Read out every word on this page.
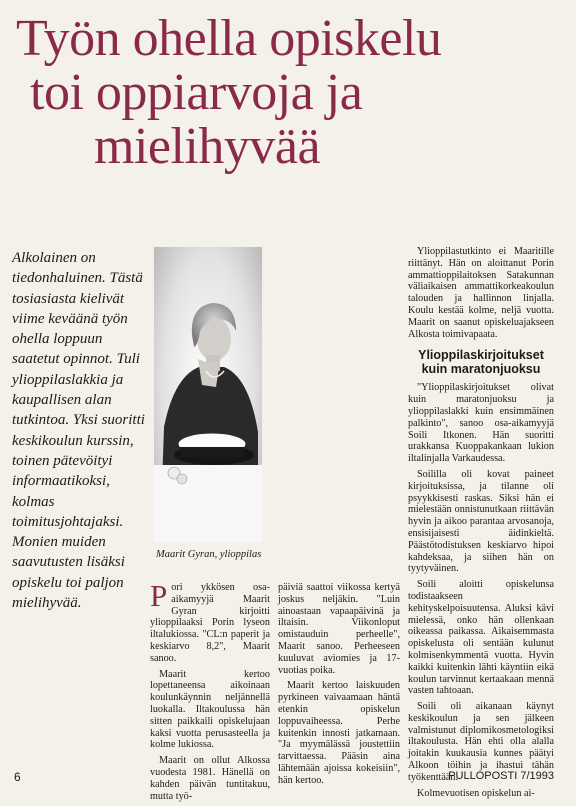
Työn ohella opiskelu
toi oppiarvoja ja
mielihyvää

Alkolainen on tiedonhaluinen. Tästä tosiasiasta kielivät viime keväänä työn ohella loppuun saatetut opinnot. Tuli ylioppilaslakkia ja kaupallisen alan tutkintoa. Yksi suoritti keskikoulun kurssin, toinen pätevöityi informaatikoksi, kolmas toimitusjohtajaksi. Monien muiden saavutusten lisäksi opiskelu toi paljon mielihyvää.

Maarit Gyran, ylioppilas

Pori ykkösen osa-aikamyyjä Maarit Gyran kirjoitti ylioppilaaksi Porin lyseon iltalukiossa. "CL:n paperit ja keskiarvo 8,2", Maarit sanoo.

Maarit kertoo lopettaneensa aikoinaan koulunkäynnin neljännellä luokalla. Iltakoulussa hän sitten paikkaili opiskelujaan kaksi vuotta perusasteella ja kolme lukiossa.

Maarit on ollut Alkossa vuodesta 1981. Hänellä on kahden päivän tuntitakuu, mutta työ-

päiviä saattoi viikossa kertyä joskus neljäkin. "Luin ainoastaan vapaapäivinä ja iltaisin. Viikonloput omistauduin perheelle", Maarit sanoo. Perheeseen kuuluvat aviomies ja 17-vuotias poika.

Maarit kertoo laiskuuden pyrkineen vaivaamaan häntä etenkin opiskelun loppuvaiheessa. Perhe kuitenkin innosti jatkamaan. "Ja myymälässä joustettiin tarvittaessa. Pääsin aina lähtemään ajoissa kokeisiin", hän kertoo.

Ylioppilastutkinto ei Maaritille riittänyt. Hän on aloittanut Porin ammattioppilaitoksen Satakunnan väliaikaisen ammattikorkeakoulun talouden ja hallinnon linjalla. Koulu kestää kolme, neljä vuotta. Maarit on saanut opiskeluajakseen Alkosta toimivapaata.

Ylioppilaskirjoitukset kuin maratonjuoksu

"Ylioppilaskirjoitukset olivat kuin maratonjuoksu ja ylioppilaslakki kuin ensimmäinen palkinto", sanoo osa-aikamyyjä Soili Itkonen. Hän suoritti urakkansa Kuoppakankaan lukion iltalinjalla Varkaudessa.

Soililla oli kovat paineet kirjoituksissa, ja tilanne oli psyykkisesti raskas. Siksi hän ei mielestään onnistunutkaan riittävän hyvin ja aikoo parantaa arvosanoja, ensisijaisesti äidinkieltä. Päästötodistuksen keskiarvo hipoi kahdeksaa, ja siihen hän on tyytyväinen.

Soili aloitti opiskelunsa todistaakseen kehityskelpoisuutensa. Aluksi kävi mielessä, onko hän ollenkaan oikeassa paikassa. Aikaisemmasta opiskelusta oli sentään kulunut kolmisenkymmentä vuotta. Hyvin kaikki kuitenkin lähti käyntiin eikä koulun tarvinnut kertaakaan mennä vasten tahtoaan.

Soili oli aikanaan käynyt keskikoulun ja sen jälkeen valmistunut diplomikosmetologiksi iltakoulusta. Hän ehti olla alalla joitakin kuukausia kunnes päätyi Alkoon töihin ja ihastui tähän työkenttään.

Kolmevuotisen opiskelun ai-

6	PULLOPOSTI 7/1993
